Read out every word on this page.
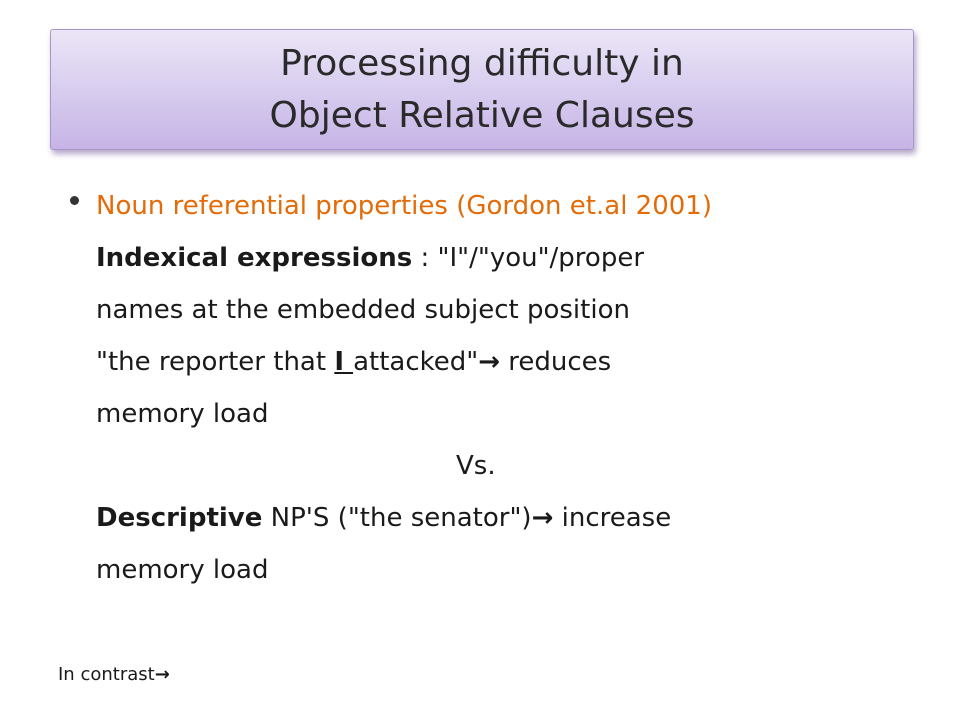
Processing difficulty in
Object Relative Clauses
Noun referential properties (Gordon et.al 2001)
Indexical expressions : "I"/"you"/proper
names at the embedded subject position
"the reporter that I attacked"→ reduces
memory load
Vs.
Descriptive NP'S ("the senator")→ increase
memory load
In contrast→
